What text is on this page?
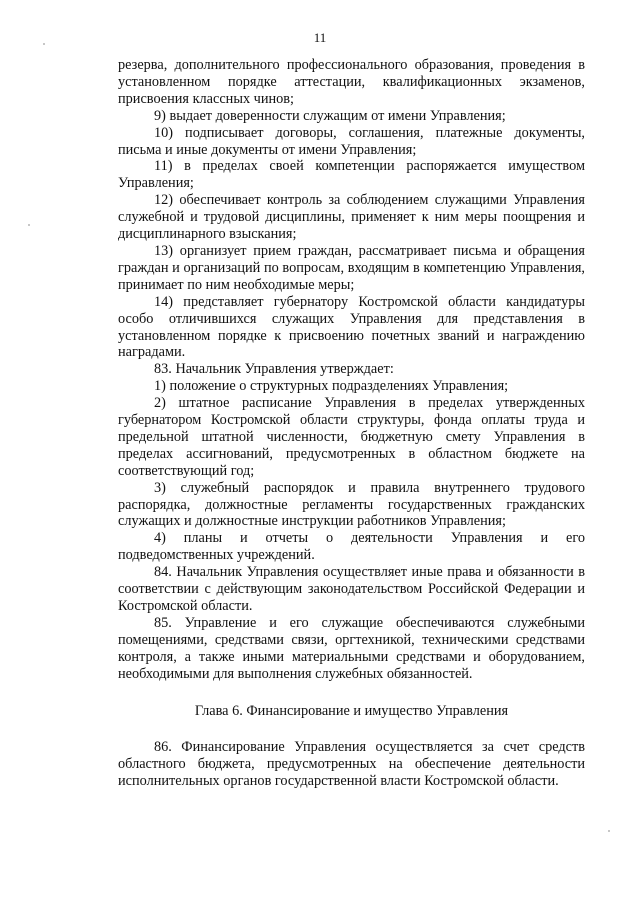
11

резерва, дополнительного профессионального образования, проведения в установленном порядке аттестации, квалификационных экзаменов, присвоения классных чинов;

9) выдает доверенности служащим от имени Управления;

10) подписывает договоры, соглашения, платежные документы, письма и иные документы от имени Управления;

11) в пределах своей компетенции распоряжается имуществом Управления;

12) обеспечивает контроль за соблюдением служащими Управления служебной и трудовой дисциплины, применяет к ним меры поощрения и дисциплинарного взыскания;

13) организует прием граждан, рассматривает письма и обращения граждан и организаций по вопросам, входящим в компетенцию Управления, принимает по ним необходимые меры;

14) представляет губернатору Костромской области кандидатуры особо отличившихся служащих Управления для представления в установленном порядке к присвоению почетных званий и награждению наградами.

83. Начальник Управления утверждает:

1) положение о структурных подразделениях Управления;

2) штатное расписание Управления в пределах утвержденных губернатором Костромской области структуры, фонда оплаты труда и предельной штатной численности, бюджетную смету Управления в пределах ассигнований, предусмотренных в областном бюджете на соответствующий год;

3) служебный распорядок и правила внутреннего трудового распорядка, должностные регламенты государственных гражданских служащих и должностные инструкции работников Управления;

4) планы и отчеты о деятельности Управления и его подведомственных учреждений.

84. Начальник Управления осуществляет иные права и обязанности в соответствии с действующим законодательством Российской Федерации и Костромской области.

85. Управление и его служащие обеспечиваются служебными помещениями, средствами связи, оргтехникой, техническими средствами контроля, а также иными материальными средствами и оборудованием, необходимыми для выполнения служебных обязанностей.

Глава 6. Финансирование и имущество Управления

86. Финансирование Управления осуществляется за счет средств областного бюджета, предусмотренных на обеспечение деятельности исполнительных органов государственной власти Костромской области.
